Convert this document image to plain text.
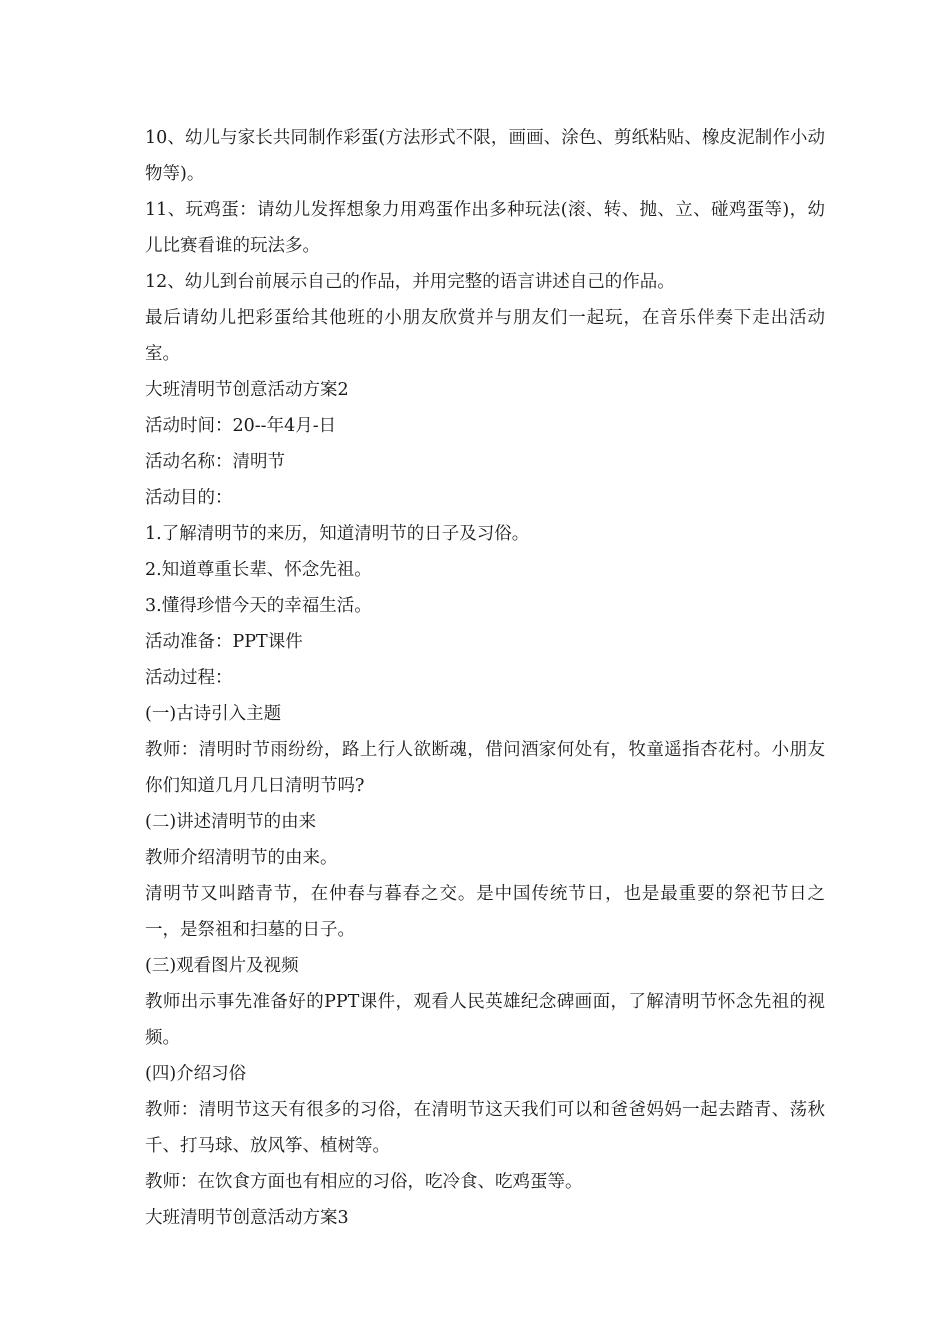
10、幼儿与家长共同制作彩蛋(方法形式不限，画画、涂色、剪纸粘贴、橡皮泥制作小动物等)。
11、玩鸡蛋：请幼儿发挥想象力用鸡蛋作出多种玩法(滚、转、抛、立、碰鸡蛋等)，幼儿比赛看谁的玩法多。
12、幼儿到台前展示自己的作品，并用完整的语言讲述自己的作品。
最后请幼儿把彩蛋给其他班的小朋友欣赏并与朋友们一起玩，在音乐伴奏下走出活动室。
大班清明节创意活动方案2
活动时间：20--年4月-日
活动名称：清明节
活动目的：
1.了解清明节的来历，知道清明节的日子及习俗。
2.知道尊重长辈、怀念先祖。
3.懂得珍惜今天的幸福生活。
活动准备：PPT课件
活动过程：
(一)古诗引入主题
教师：清明时节雨纷纷，路上行人欲断魂，借问酒家何处有，牧童遥指杏花村。小朋友你们知道几月几日清明节吗?
(二)讲述清明节的由来
教师介绍清明节的由来。
清明节又叫踏青节，在仲春与暮春之交。是中国传统节日，也是最重要的祭祀节日之一，是祭祖和扫墓的日子。
(三)观看图片及视频
教师出示事先准备好的PPT课件，观看人民英雄纪念碑画面，了解清明节怀念先祖的视频。
(四)介绍习俗
教师：清明节这天有很多的习俗，在清明节这天我们可以和爸爸妈妈一起去踏青、荡秋千、打马球、放风筝、植树等。
教师：在饮食方面也有相应的习俗，吃冷食、吃鸡蛋等。
大班清明节创意活动方案3
